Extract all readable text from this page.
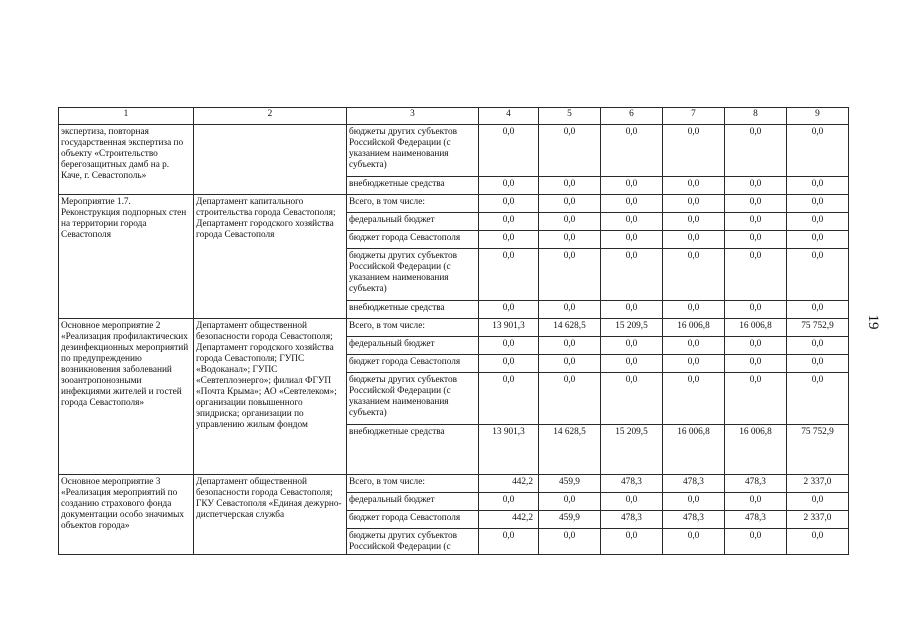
19
1	2	3	4	5	6	7	8	9
экспертиза, повторная государственная экспертиза по объекту «Строительство берегозащитных дамб на р. Каче, г. Севастополь»		бюджеты других субъектов Российской Федерации (с указанием наименования субъекта)	0,0	0,0	0,0	0,0	0,0	0,0
		внебюджетные средства	0,0	0,0	0,0	0,0	0,0	0,0
Мероприятие 1.7. Реконструкция подпорных стен на территории города Севастополя	Департамент капитального строительства города Севастополя; Департамент городского хозяйства города Севастополя	Всего, в том числе:	0,0	0,0	0,0	0,0	0,0	0,0
		федеральный бюджет	0,0	0,0	0,0	0,0	0,0	0,0
		бюджет города Севастополя	0,0	0,0	0,0	0,0	0,0	0,0
		бюджеты других субъектов Российской Федерации (с указанием наименования субъекта)	0,0	0,0	0,0	0,0	0,0	0,0
		внебюджетные средства	0,0	0,0	0,0	0,0	0,0	0,0
Основное мероприятие 2 «Реализация профилактических дезинфекционных мероприятий по предупреждению возникновения заболеваний зооантропонозными инфекциями жителей и гостей города Севастополя»	Департамент общественной безопасности города Севастополя; Департамент городского хозяйства города Севастополя; ГУПС «Водоканал»; ГУПС «Севтеплоэнерго»; филиал ФГУП «Почта Крыма»; АО «Севтелеком»; организации повышенного эпидриска; организации по управлению жилым фондом	Всего, в том числе:	13 901,3	14 628,5	15 209,5	16 006,8	16 006,8	75 752,9
		федеральный бюджет	0,0	0,0	0,0	0,0	0,0	0,0
		бюджет города Севастополя	0,0	0,0	0,0	0,0	0,0	0,0
		бюджеты других субъектов Российской Федерации (с указанием наименования субъекта)	0,0	0,0	0,0	0,0	0,0	0,0
		внебюджетные средства	13 901,3	14 628,5	15 209,5	16 006,8	16 006,8	75 752,9
Основное мероприятие 3 «Реализация мероприятий по созданию страхового фонда документации особо значимых объектов города»	Департамент общественной безопасности города Севастополя; ГКУ Севастополя «Единая дежурно-диспетчерская служба	Всего, в том числе:	442,2	459,9	478,3	478,3	478,3	2 337,0
		федеральный бюджет	0,0	0,0	0,0	0,0	0,0	0,0
		бюджет города Севастополя	442,2	459,9	478,3	478,3	478,3	2 337,0
		бюджеты других субъектов Российской Федерации (с	0,0	0,0	0,0	0,0	0,0	0,0
